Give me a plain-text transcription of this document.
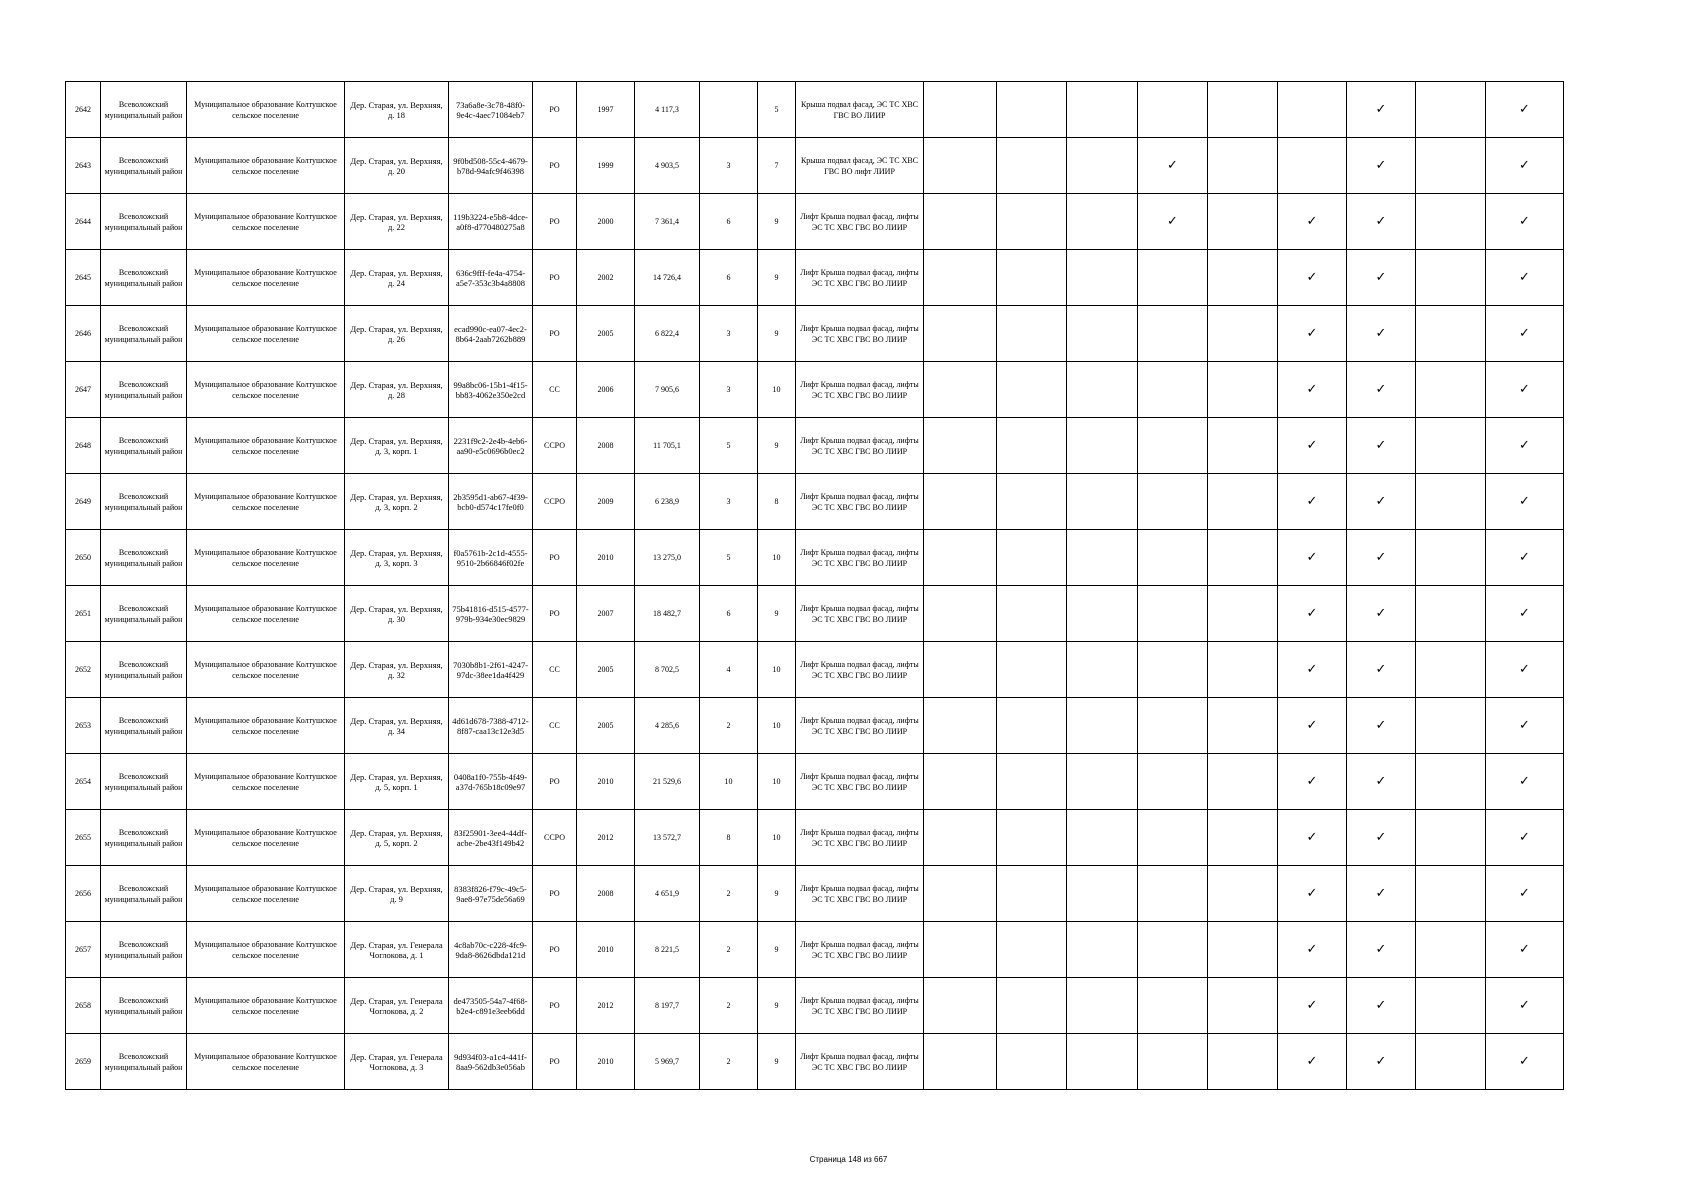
2642	Всеволожский муниципальный район	Муниципальное образование Колтушское сельское поселение	Дер. Старая, ул. Верхняя, д. 18	73a6a8e-3c78-48f0-9e4c-4aec71084eb7	РО	1997	4 117,3		5	Крыша подвал фасад, ЭС ТС ХВС ГВС ВО ЛИИР							✓		✓
2643	Всеволожский муниципальный район	Муниципальное образование Колтушское сельское поселение	Дер. Старая, ул. Верхняя, д. 20	9f0bd508-55c4-4679-b78d-94afc9f46398	РО	1999	4 903,5	3	7	Крыша подвал фасад, ЭС ТС ХВС ГВС ВО лифт ЛИИР				✓			✓		✓
2644	Всеволожский муниципальный район	Муниципальное образование Колтушское сельское поселение	Дер. Старая, ул. Верхняя, д. 22	119b3224-e5b8-4dce-a0f8-d770480275a8	РО	2000	7 361,4	6	9	Лифт Крыша подвал фасад, лифты ЭС ТС ХВС ГВС ВО ЛИИР				✓		✓	✓		✓
2645	Всеволожский муниципальный район	Муниципальное образование Колтушское сельское поселение	Дер. Старая, ул. Верхняя, д. 24	636c9fff-fe4a-4754-a5e7-353c3b4a8808	РО	2002	14 726,4	6	9	Лифт Крыша подвал фасад, лифты ЭС ТС ХВС ГВС ВО ЛИИР						✓	✓		✓
2646	Всеволожский муниципальный район	Муниципальное образование Колтушское сельское поселение	Дер. Старая, ул. Верхняя, д. 26	ecad990c-ea07-4ec2-8b64-2aab7262b889	РО	2005	6 822,4	3	9	Лифт Крыша подвал фасад, лифты ЭС ТС ХВС ГВС ВО ЛИИР						✓	✓		✓
2647	Всеволожский муниципальный район	Муниципальное образование Колтушское сельское поселение	Дер. Старая, ул. Верхняя, д. 28	99a8bc06-15b1-4f15-bb83-4062e350e2cd	СС	2006	7 905,6	3	10	Лифт Крыша подвал фасад, лифты ЭС ТС ХВС ГВС ВО ЛИИР						✓	✓		✓
2648	Всеволожский муниципальный район	Муниципальное образование Колтушское сельское поселение	Дер. Старая, ул. Верхняя, д. 3, корп. 1	2231f9c2-2e4b-4eb6-aa90-e5c0696b0ec2	ССРО	2008	11 705,1	5	9	Лифт Крыша подвал фасад, лифты ЭС ТС ХВС ГВС ВО ЛИИР						✓	✓		✓
2649	Всеволожский муниципальный район	Муниципальное образование Колтушское сельское поселение	Дер. Старая, ул. Верхняя, д. 3, корп. 2	2b3595d1-ab67-4f39-bcb0-d574c17fe0f0	ССРО	2009	6 238,9	3	8	Лифт Крыша подвал фасад, лифты ЭС ТС ХВС ГВС ВО ЛИИР						✓	✓		✓
2650	Всеволожский муниципальный район	Муниципальное образование Колтушское сельское поселение	Дер. Старая, ул. Верхняя, д. 3, корп. 3	f0a5761b-2c1d-4555-9510-2b66846f02fe	РО	2010	13 275,0	5	10	Лифт Крыша подвал фасад, лифты ЭС ТС ХВС ГВС ВО ЛИИР						✓	✓		✓
2651	Всеволожский муниципальный район	Муниципальное образование Колтушское сельское поселение	Дер. Старая, ул. Верхняя, д. 30	75b41816-d515-4577-979b-934e30ec9829	РО	2007	18 482,7	6	9	Лифт Крыша подвал фасад, лифты ЭС ТС ХВС ГВС ВО ЛИИР						✓	✓		✓
2652	Всеволожский муниципальный район	Муниципальное образование Колтушское сельское поселение	Дер. Старая, ул. Верхняя, д. 32	7030b8b1-2f61-4247-97dc-38ee1da4f429	СС	2005	8 702,5	4	10	Лифт Крыша подвал фасад, лифты ЭС ТС ХВС ГВС ВО ЛИИР						✓	✓		✓
2653	Всеволожский муниципальный район	Муниципальное образование Колтушское сельское поселение	Дер. Старая, ул. Верхняя, д. 34	4d61d678-7388-4712-8f87-caa13c12e3d5	СС	2005	4 285,6	2	10	Лифт Крыша подвал фасад, лифты ЭС ТС ХВС ГВС ВО ЛИИР						✓	✓		✓
2654	Всеволожский муниципальный район	Муниципальное образование Колтушское сельское поселение	Дер. Старая, ул. Верхняя, д. 5, корп. 1	0408a1f0-755b-4f49-a37d-765b18c09e97	РО	2010	21 529,6	10	10	Лифт Крыша подвал фасад, лифты ЭС ТС ХВС ГВС ВО ЛИИР						✓	✓		✓
2655	Всеволожский муниципальный район	Муниципальное образование Колтушское сельское поселение	Дер. Старая, ул. Верхняя, д. 5, корп. 2	83f25901-3ee4-44df-acbe-2be43f149b42	ССРО	2012	13 572,7	8	10	Лифт Крыша подвал фасад, лифты ЭС ТС ХВС ГВС ВО ЛИИР						✓	✓		✓
2656	Всеволожский муниципальный район	Муниципальное образование Колтушское сельское поселение	Дер. Старая, ул. Верхняя, д. 9	8383f826-f79c-49c5-9ae8-97e75de56a69	РО	2008	4 651,9	2	9	Лифт Крыша подвал фасад, лифты ЭС ТС ХВС ГВС ВО ЛИИР						✓	✓		✓
2657	Всеволожский муниципальный район	Муниципальное образование Колтушское сельское поселение	Дер. Старая, ул. Генерала Чоглокова, д. 1	4c8ab70c-c228-4fc9-9da8-8626dbda121d	РО	2010	8 221,5	2	9	Лифт Крыша подвал фасад, лифты ЭС ТС ХВС ГВС ВО ЛИИР						✓	✓		✓
2658	Всеволожский муниципальный район	Муниципальное образование Колтушское сельское поселение	Дер. Старая, ул. Генерала Чоглокова, д. 2	de473505-54a7-4f68-b2e4-c891e3eeb6dd	РО	2012	8 197,7	2	9	Лифт Крыша подвал фасад, лифты ЭС ТС ХВС ГВС ВО ЛИИР						✓	✓		✓
2659	Всеволожский муниципальный район	Муниципальное образование Колтушское сельское поселение	Дер. Старая, ул. Генерала Чоглокова, д. 3	9d934f03-a1c4-441f-8aa9-562db3e056ab	РО	2010	5 969,7	2	9	Лифт Крыша подвал фасад, лифты ЭС ТС ХВС ГВС ВО ЛИИР						✓	✓		✓
Страница 148 из 667
